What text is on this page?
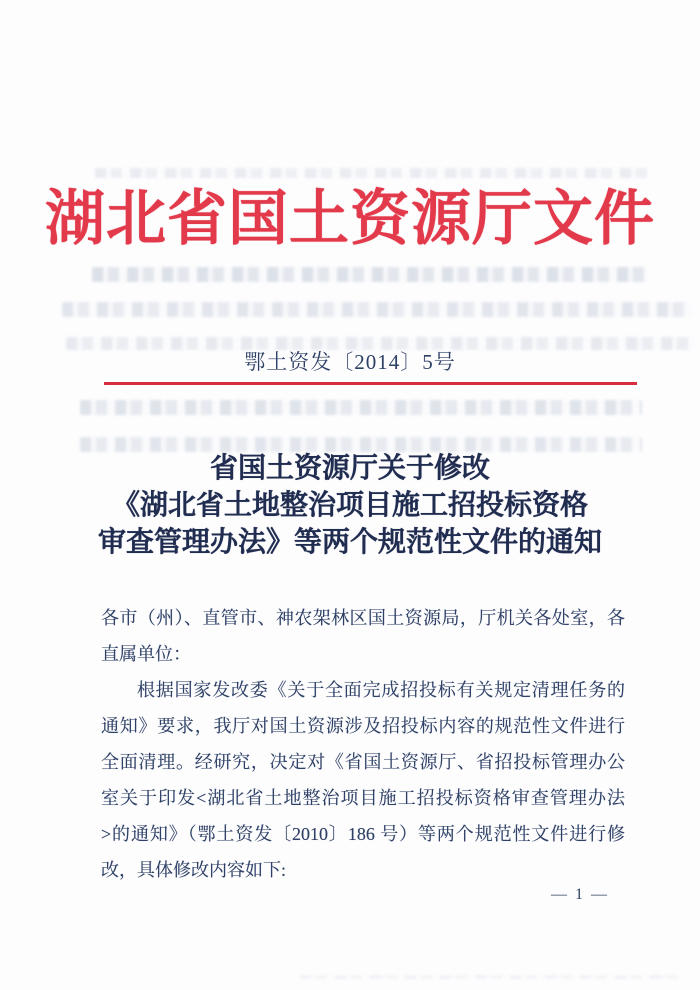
湖北省国土资源厅文件
鄂土资发〔2014〕5号
省国土资源厅关于修改
《湖北省土地整治项目施工招投标资格
审查管理办法》等两个规范性文件的通知
各市（州）、直管市、神农架林区国土资源局，厅机关各处室，各
直属单位：
根据国家发改委《关于全面完成招投标有关规定清理任务的
通知》要求，我厅对国土资源涉及招投标内容的规范性文件进行
全面清理。经研究，决定对《省国土资源厅、省招投标管理办公
室关于印发<湖北省土地整治项目施工招投标资格审查管理办法
>的通知》（鄂土资发〔2010〕186 号）等两个规范性文件进行修
改，具体修改内容如下:
— 1 —
